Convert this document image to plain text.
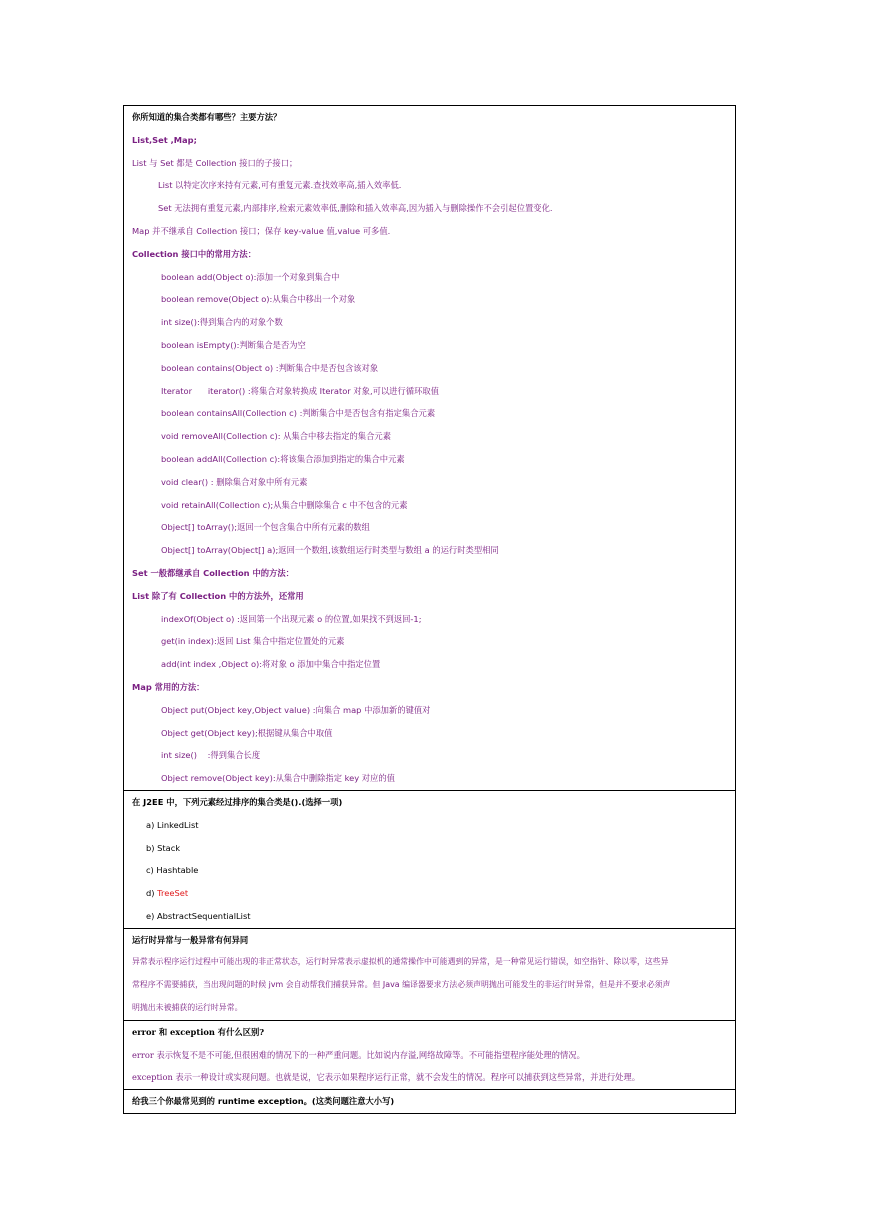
你所知道的集合类都有哪些？主要方法？
List,Set ,Map;
List 与 Set 都是 Collection 接口的子接口；
List 以特定次序来持有元素,可有重复元素.查找效率高,插入效率低.
Set 无法拥有重复元素,内部排序,检索元素效率低,删除和插入效率高,因为插入与删除操作不会引起位置变化.
Map 并不继承自 Collection 接口；保存 key-value 值,value 可多值.
Collection 接口中的常用方法：
boolean add(Object o):添加一个对象到集合中
boolean remove(Object o):从集合中移出一个对象
int size():得到集合内的对象个数
boolean isEmpty():判断集合是否为空
boolean contains(Object o) :判断集合中是否包含该对象
Iterator      iterator() :将集合对象转换成 Iterator 对象,可以进行循环取值
boolean containsAll(Collection c) :判断集合中是否包含有指定集合元素
void removeAll(Collection c): 从集合中移去指定的集合元素
boolean addAll(Collection c):将该集合添加到指定的集合中元素
void clear() : 删除集合对象中所有元素
void retainAll(Collection c);从集合中删除集合 c 中不包含的元素
Object[] toArray();返回一个包含集合中所有元素的数组
Object[] toArray(Object[] a);返回一个数组,该数组运行时类型与数组 a 的运行时类型相同
Set 一般都继承自 Collection 中的方法：
List 除了有 Collection 中的方法外，还常用
indexOf(Object o) :返回第一个出现元素 o 的位置,如果找不到返回-1;
get(in index):返回 List 集合中指定位置处的元素
add(int index ,Object o):将对象 o 添加中集合中指定位置
Map 常用的方法：
Object put(Object key,Object value) :向集合 map 中添加新的键值对
Object get(Object key);根据键从集合中取值
int size()    :得到集合长度
Object remove(Object key):从集合中删除指定 key 对应的值
在 J2EE 中，下列元素经过排序的集合类是().(选择一项)
a) LinkedList
b) Stack
c) Hashtable
d) TreeSet
e) AbstractSequentialList
运行时异常与一般异常有何异同
异常表示程序运行过程中可能出现的非正常状态，运行时异常表示虚拟机的通常操作中可能遇到的异常，是一种常见运行错误，如空指针、除以零，这些异
常程序不需要捕获，当出现问题的时候 jvm 会自动帮我们捕获异常。但 Java 编译器要求方法必须声明抛出可能发生的非运行时异常，但是并不要求必须声
明抛出未被捕获的运行时异常。
error 和 exception 有什么区别?
error 表示恢复不是不可能,但很困难的情况下的一种严重问题。比如说内存溢,网络故障等。不可能指望程序能处理的情况。
exception 表示一种设计或实现问题。也就是说，它表示如果程序运行正常，就不会发生的情况。程序可以捕获到这些异常，并进行处理。
给我三个你最常见到的 runtime exception。(这类问题注意大小写)
